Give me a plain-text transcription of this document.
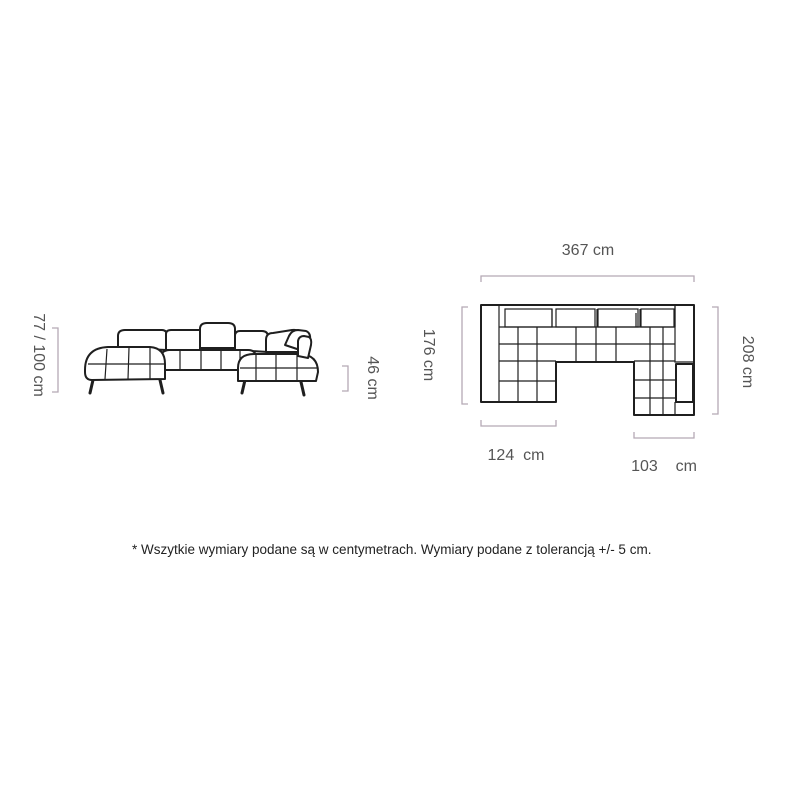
77 / 100 cm	46 cm
367 cm
176 cm	208 cm
124  cm
103    cm
* Wszytkie wymiary podane są w centymetrach. Wymiary podane z tolerancją +/- 5 cm.
